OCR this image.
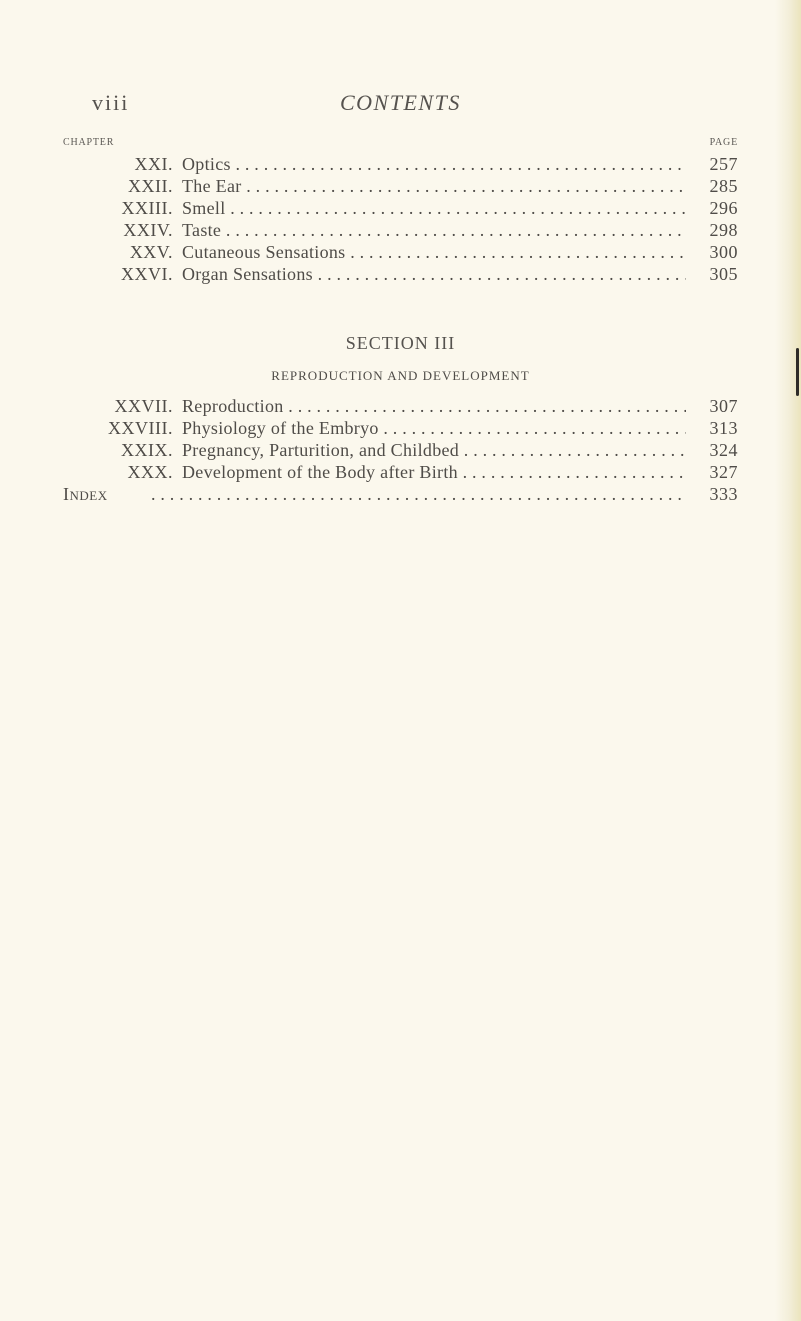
viii	CONTENTS
CHAPTER	PAGE
XXI. Optics . . .	257
XXII. The Ear . . .	285
XXIII. Smell . . .	296
XXIV. Taste . . .	298
XXV. Cutaneous Sensations . . .	300
XXVI. Organ Sensations . . .	305
SECTION III
REPRODUCTION AND DEVELOPMENT
XXVII. Reproduction . . .	307
XXVIII. Physiology of the Embryo . . .	313
XXIX. Pregnancy, Parturition, and Childbed . . .	324
XXX. Development of the Body after Birth . . .	327
Index . . .	333
